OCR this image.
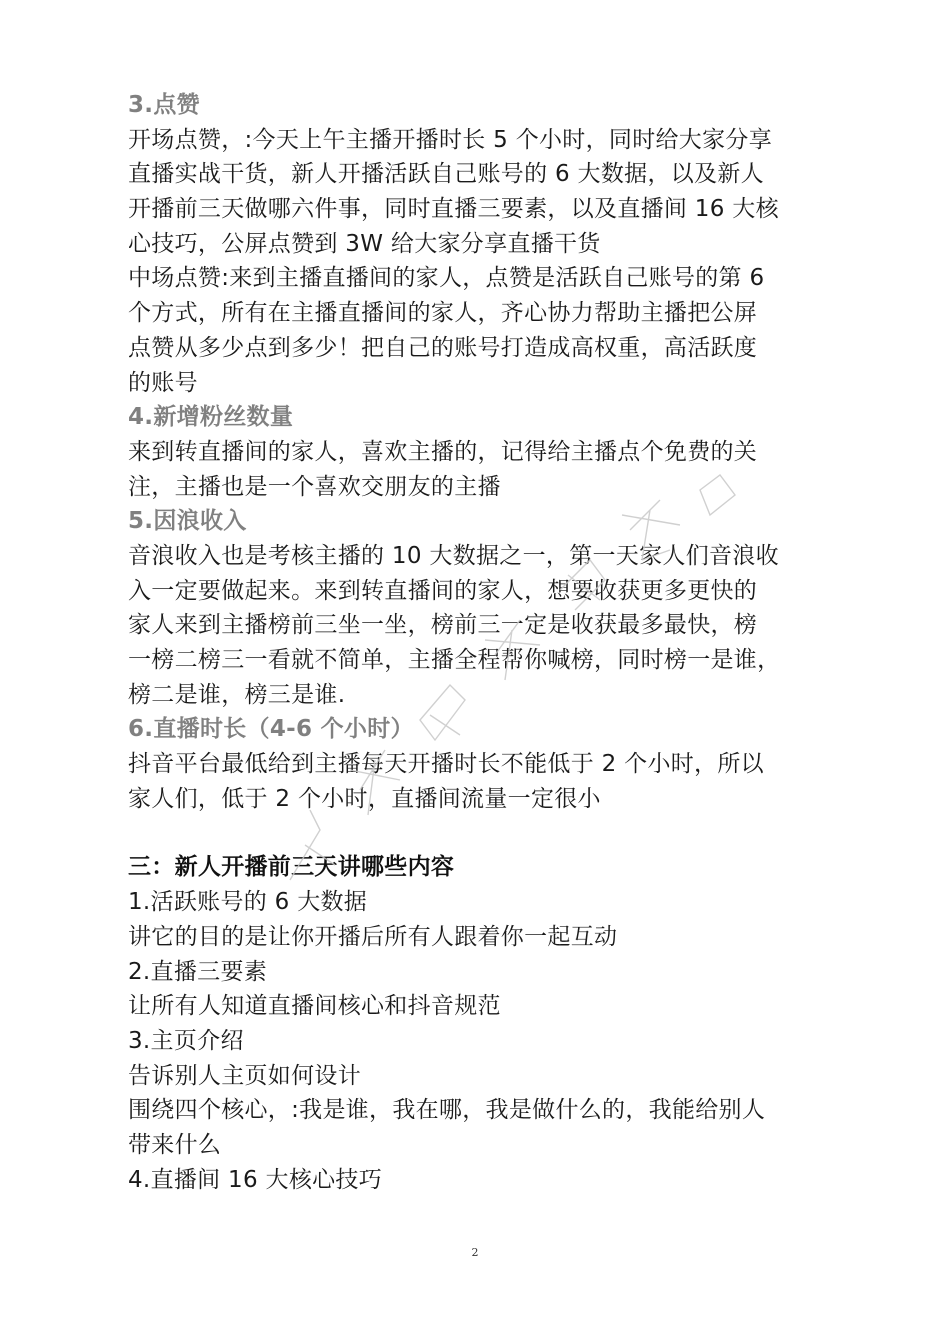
3.点赞
开场点赞，:今天上午主播开播时长 5 个小时，同时给大家分享
直播实战干货，新人开播活跃自己账号的 6 大数据，以及新人
开播前三天做哪六件事，同时直播三要素，以及直播间 16 大核
心技巧，公屏点赞到 3W 给大家分享直播干货
中场点赞:来到主播直播间的家人，点赞是活跃自己账号的第 6
个方式，所有在主播直播间的家人，齐心协力帮助主播把公屏
点赞从多少点到多少！把自己的账号打造成高权重，高活跃度
的账号
4.新增粉丝数量
来到转直播间的家人，喜欢主播的，记得给主播点个免费的关
注，主播也是一个喜欢交朋友的主播
5.因浪收入
音浪收入也是考核主播的 10 大数据之一，第一天家人们音浪收
入一定要做起来。来到转直播间的家人，想要收获更多更快的
家人来到主播榜前三坐一坐，榜前三一定是收获最多最快，榜
一榜二榜三一看就不简单，主播全程帮你喊榜，同时榜一是谁，
榜二是谁，榜三是谁.
6.直播时长（4-6 个小时）
抖音平台最低给到主播每天开播时长不能低于 2 个小时，所以
家人们，低于 2 个小时，直播间流量一定很小
三：新人开播前三天讲哪些内容
1.活跃账号的 6 大数据
讲它的目的是让你开播后所有人跟着你一起互动
2.直播三要素
让所有人知道直播间核心和抖音规范
3.主页介绍
告诉别人主页如何设计
围绕四个核心，:我是谁，我在哪，我是做什么的，我能给别人
带来什么
4.直播间 16 大核心技巧
2
